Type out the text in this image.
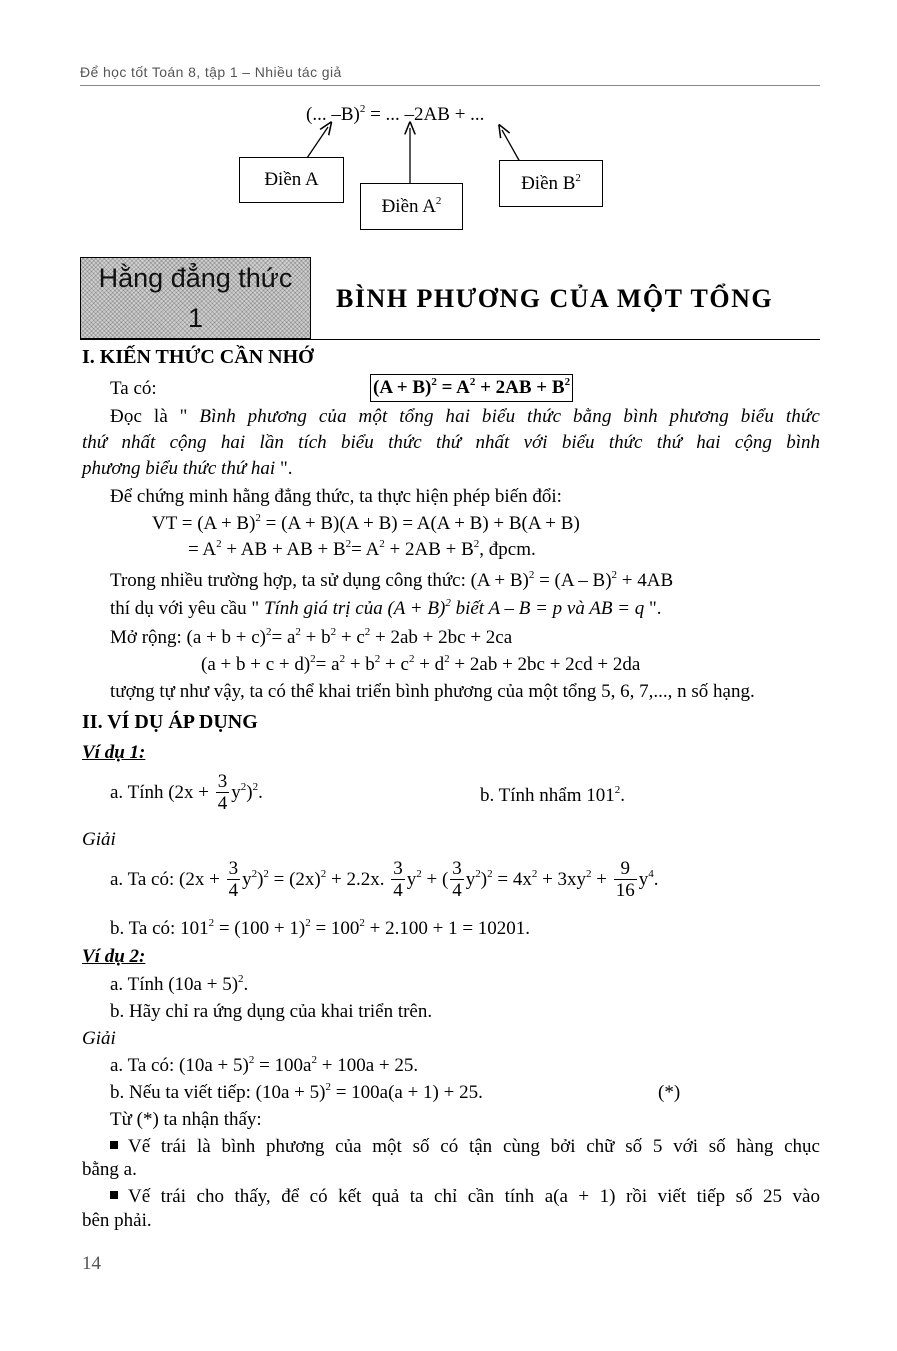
Để học tốt Toán 8, tập 1 – Nhiều tác giả
(... –B)$^2$ = ... –2AB + ...
Điền A
Điền $A^2$
Điền $B^2$
Hằng đẳng thức
1
BÌNH PHƯƠNG CỦA MỘT TỔNG
I. KIẾN THỨC CẦN NHỚ
Ta có:	$(A + B)^2 = A^2 + 2AB + B^2$
Đọc là " Bình phương của một tổng hai biểu thức bằng bình phương biểu thức
thứ nhất cộng hai lần tích biểu thức thứ nhất với biểu thức thứ hai cộng bình
phương biểu thức thứ hai ".
Để chứng minh hằng đẳng thức, ta thực hiện phép biến đổi:
VT = $(A + B)^2 = (A + B)(A + B) = A(A + B) + B(A + B)$
= $A^2$ + AB + AB + $B^2= A^2 + 2AB + B^2$, đpcm.
Trong nhiều trường hợp, ta sử dụng công thức: $(A + B)^2 = (A - B)^2 + 4AB$
thí dụ với yêu cầu " Tính giá trị của $(A + B)^2$ biết A – B = p và AB = q ".
Mở rộng: $(a + b + c)^2= a^2 + b^2 + c^2 + 2ab + 2bc + 2ca$
$(a + b + c + d)^2= a^2 + b^2 + c^2 + d^2 + 2ab + 2bc + 2cd + 2da$
tượng tự như vậy, ta có thể khai triển bình phương của một tổng 5, 6, 7,..., n số hạng.
II. VÍ DỤ ÁP DỤNG
Ví dụ 1:
a. Tính $(2x + \frac{3}{4} y^2)^2$.	b. Tính nhẩm $101^2$.
Giải
a. Ta có: $(2x + \frac{3}{4} y^2)^2 = (2x)^2 + 2.2x$. $\frac{3}{4} y^2$ + ( $\frac{3}{4} y^2)^2 = 4x^2 + 3xy^2 + \frac{9}{16} y^4$.
b. Ta có: $101^2 = (100 + 1)^2 = 100^2 + 2.100 + 1 = 10201$.
Ví dụ 2:
a. Tính $(10a + 5)^2$.
b. Hãy chỉ ra ứng dụng của khai triển trên.
Giải
a. Ta có: $(10a + 5)^2 = 100a^2 + 100a + 25$.
b. Nếu ta viết tiếp: $(10a + 5)^2 = 100a(a + 1) + 25$.	(*)
Từ (*) ta nhận thấy:
Vế trái là bình phương của một số có tận cùng bởi chữ số 5 với số hàng chục
bằng a.
Vế trái cho thấy, để có kết quả ta chỉ cần tính a(a + 1) rồi viết tiếp số 25 vào
bên phải.
14
